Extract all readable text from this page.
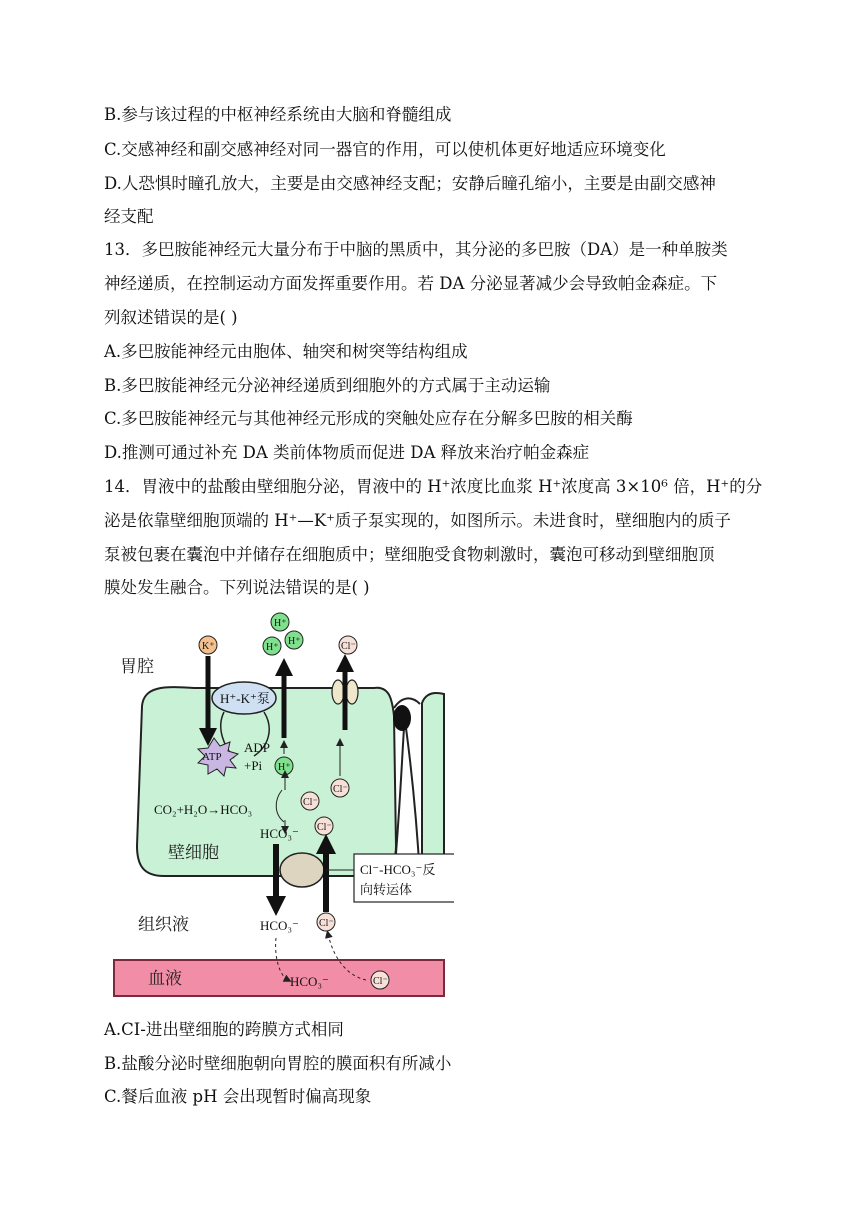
B.参与该过程的中枢神经系统由大脑和脊髓组成
C.交感神经和副交感神经对同一器官的作用，可以使机体更好地适应环境变化
D.人恐惧时瞳孔放大，主要是由交感神经支配；安静后瞳孔缩小，主要是由副交感神
经支配
13．多巴胺能神经元大量分布于中脑的黑质中，其分泌的多巴胺（DA）是一种单胺类
神经递质，在控制运动方面发挥重要作用。若 DA 分泌显著减少会导致帕金森症。下
列叙述错误的是( )
A.多巴胺能神经元由胞体、轴突和树突等结构组成
B.多巴胺能神经元分泌神经递质到细胞外的方式属于主动运输
C.多巴胺能神经元与其他神经元形成的突触处应存在分解多巴胺的相关酶
D.推测可通过补充 DA 类前体物质而促进 DA 释放来治疗帕金森症
14．胃液中的盐酸由壁细胞分泌，胃液中的 H⁺浓度比血浆 H⁺浓度高 3×10⁶ 倍，H⁺的分
泌是依靠壁细胞顶端的 H⁺—K⁺质子泵实现的，如图所示。未进食时，壁细胞内的质子
泵被包裹在囊泡中并储存在细胞质中；壁细胞受食物刺激时，囊泡可移动到壁细胞顶
膜处发生融合。下列说法错误的是( )
胃腔
壁细胞
组织液
血液
H⁺-K⁺泵
K⁺
ATP
ADP
+Pi H⁺
H⁺
H⁺
H⁺	Cl⁻
Cl⁻
CO₂+H₂O→HCO₃
HCO₃⁻
Cl⁻
Cl⁻
Cl⁻-HCO₃⁻反
向转运体
HCO₃⁻ Cl⁻
HCO₃⁻	Cl⁻
A.CI-进出壁细胞的跨膜方式相同
B.盐酸分泌时壁细胞朝向胃腔的膜面积有所减小
C.餐后血液 pH 会出现暂时偏高现象
